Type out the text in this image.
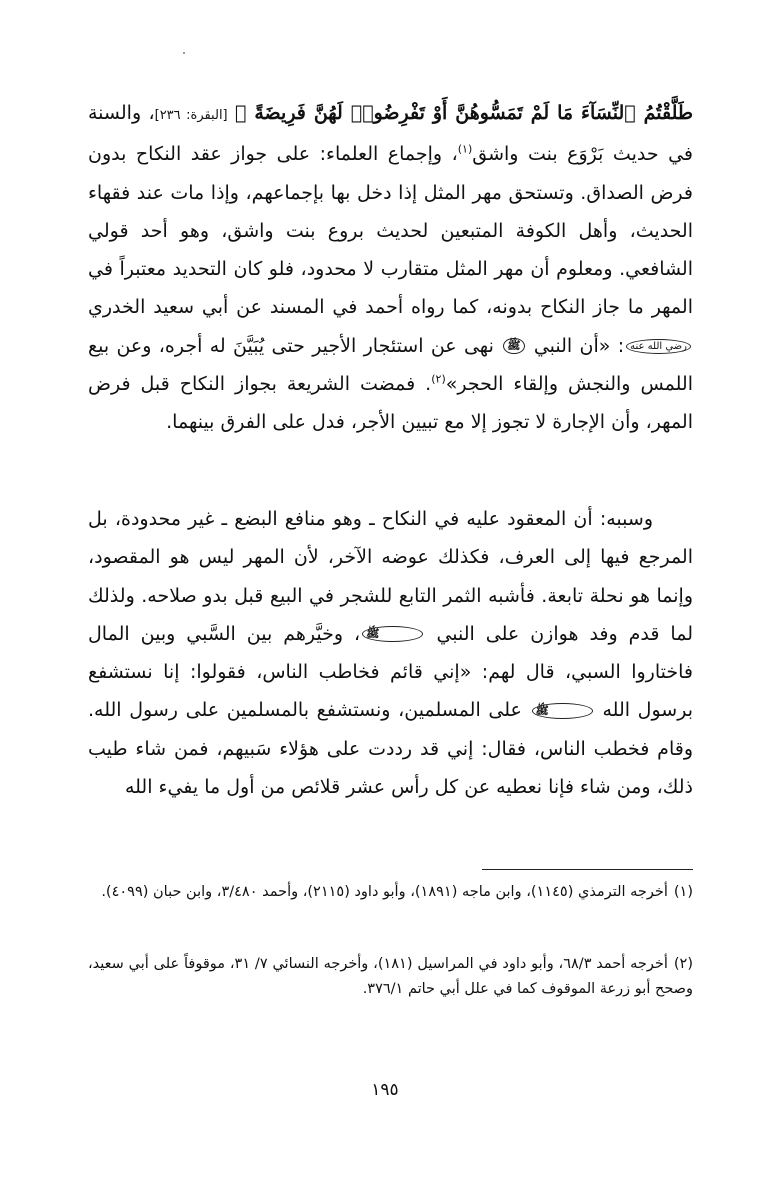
طَلَّقْتُمُ ٱلنِّسَآءَ مَا لَمْ تَمَسُّوهُنَّ أَوْ تَفْرِضُوا۟ لَهُنَّ فَرِيضَةً ﴾ [البقرة: ٢٣٦]، والسنة في حديث بَرْوَع بنت واشق$^{(١)}$، وإجماع العلماء: على جواز عقد النكاح بدون فرض الصداق. وتستحق مهر المثل إذا دخل بها بإجماعهم، وإذا مات عند فقهاء الحديث، وأهل الكوفة المتبعين لحديث بروع بنت واشق، وهو أحد قولي الشافعي. ومعلوم أن مهر المثل متقارب لا محدود، فلو كان التحديد معتبراً في المهر ما جاز النكاح بدونه، كما رواه أحمد في المسند عن أبي سعيد الخدري رضي الله عنه: «أن النبي ﷺ نهى عن استئجار الأجير حتى يُبَيَّنَ له أجره، وعن بيع اللمس والنجش وإلقاء الحجر»$^{(٢)}$. فمضت الشريعة بجواز النكاح قبل فرض المهر، وأن الإجارة لا تجوز إلا مع تبيين الأجر، فدل على الفرق بينهما.

وسببه: أن المعقود عليه في النكاح ـ وهو منافع البضع ـ غير محدودة، بل المرجع فيها إلى العرف، فكذلك عوضه الآخر، لأن المهر ليس هو المقصود، وإنما هو نحلة تابعة. فأشبه الثمر التابع للشجر في البيع قبل بدو صلاحه. ولذلك لما قدم وفد هوازن على النبي ﷺ، وخيَّرهم بين السَّبي وبين المال فاختاروا السبي، قال لهم: «إني قائم فخاطب الناس، فقولوا: إنا نستشفع برسول الله ﷺ على المسلمين، ونستشفع بالمسلمين على رسول الله. وقام فخطب الناس، فقال: إني قد رددت على هؤلاء سَبيهم، فمن شاء طيب ذلك، ومن شاء فإنا نعطيه عن كل رأس عشر قلائص من أول ما يفيء الله

(١)أخرجه الترمذي (١١٤٥)، وابن ماجه (١٨٩١)، وأبو داود (٢١١٥)، وأحمد ٣/٤٨٠، وابن حبان (٤٠٩٩).

(٢)أخرجه أحمد ٦٨/٣، وأبو داود في المراسيل (١٨١)، وأخرجه النسائي ٧/ ٣١، موقوفاً على أبي سعيد، وصحح أبو زرعة الموقوف كما في علل أبي حاتم ٣٧٦/١.

١٩٥
